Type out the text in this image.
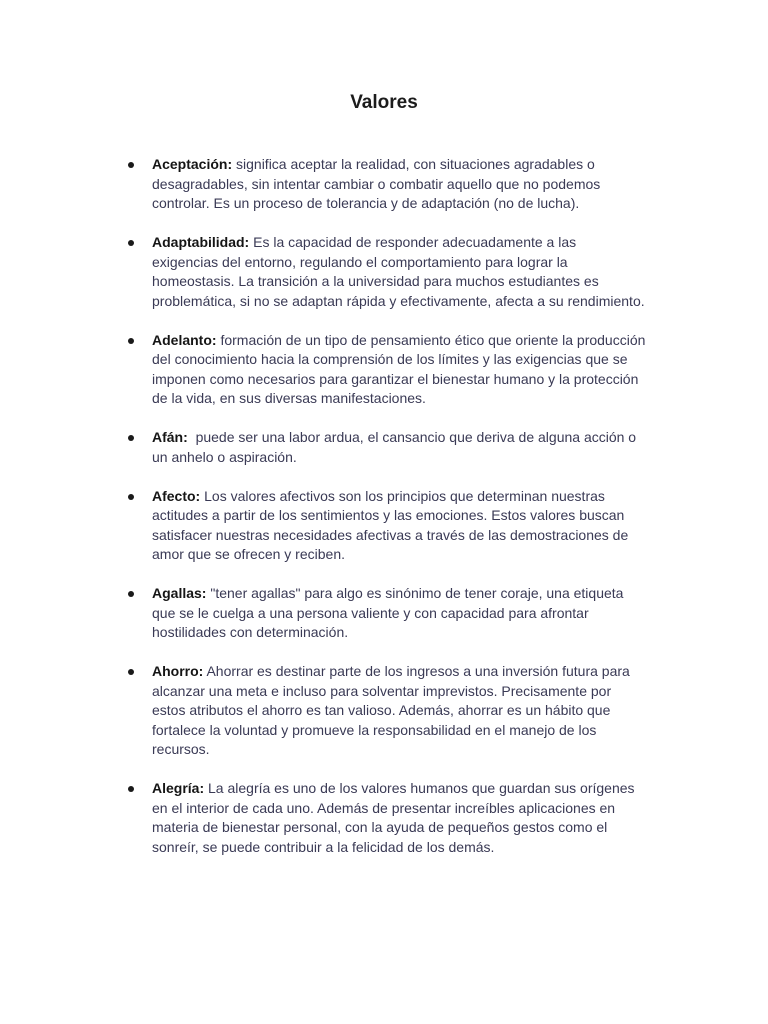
Valores
Aceptación: significa aceptar la realidad, con situaciones agradables o desagradables, sin intentar cambiar o combatir aquello que no podemos controlar. Es un proceso de tolerancia y de adaptación (no de lucha).
Adaptabilidad: Es la capacidad de responder adecuadamente a las exigencias del entorno, regulando el comportamiento para lograr la homeostasis. La transición a la universidad para muchos estudiantes es problemática, si no se adaptan rápida y efectivamente, afecta a su rendimiento.
Adelanto: formación de un tipo de pensamiento ético que oriente la producción del conocimiento hacia la comprensión de los límites y las exigencias que se imponen como necesarios para garantizar el bienestar humano y la protección de la vida, en sus diversas manifestaciones.
Afán: puede ser una labor ardua, el cansancio que deriva de alguna acción o un anhelo o aspiración.
Afecto: Los valores afectivos son los principios que determinan nuestras actitudes a partir de los sentimientos y las emociones. Estos valores buscan satisfacer nuestras necesidades afectivas a través de las demostraciones de amor que se ofrecen y reciben.
Agallas: "tener agallas" para algo es sinónimo de tener coraje, una etiqueta que se le cuelga a una persona valiente y con capacidad para afrontar hostilidades con determinación.
Ahorro: Ahorrar es destinar parte de los ingresos a una inversión futura para alcanzar una meta e incluso para solventar imprevistos. Precisamente por estos atributos el ahorro es tan valioso. Además, ahorrar es un hábito que fortalece la voluntad y promueve la responsabilidad en el manejo de los recursos.
Alegría: La alegría es uno de los valores humanos que guardan sus orígenes en el interior de cada uno. Además de presentar increíbles aplicaciones en materia de bienestar personal, con la ayuda de pequeños gestos como el sonreír, se puede contribuir a la felicidad de los demás.
